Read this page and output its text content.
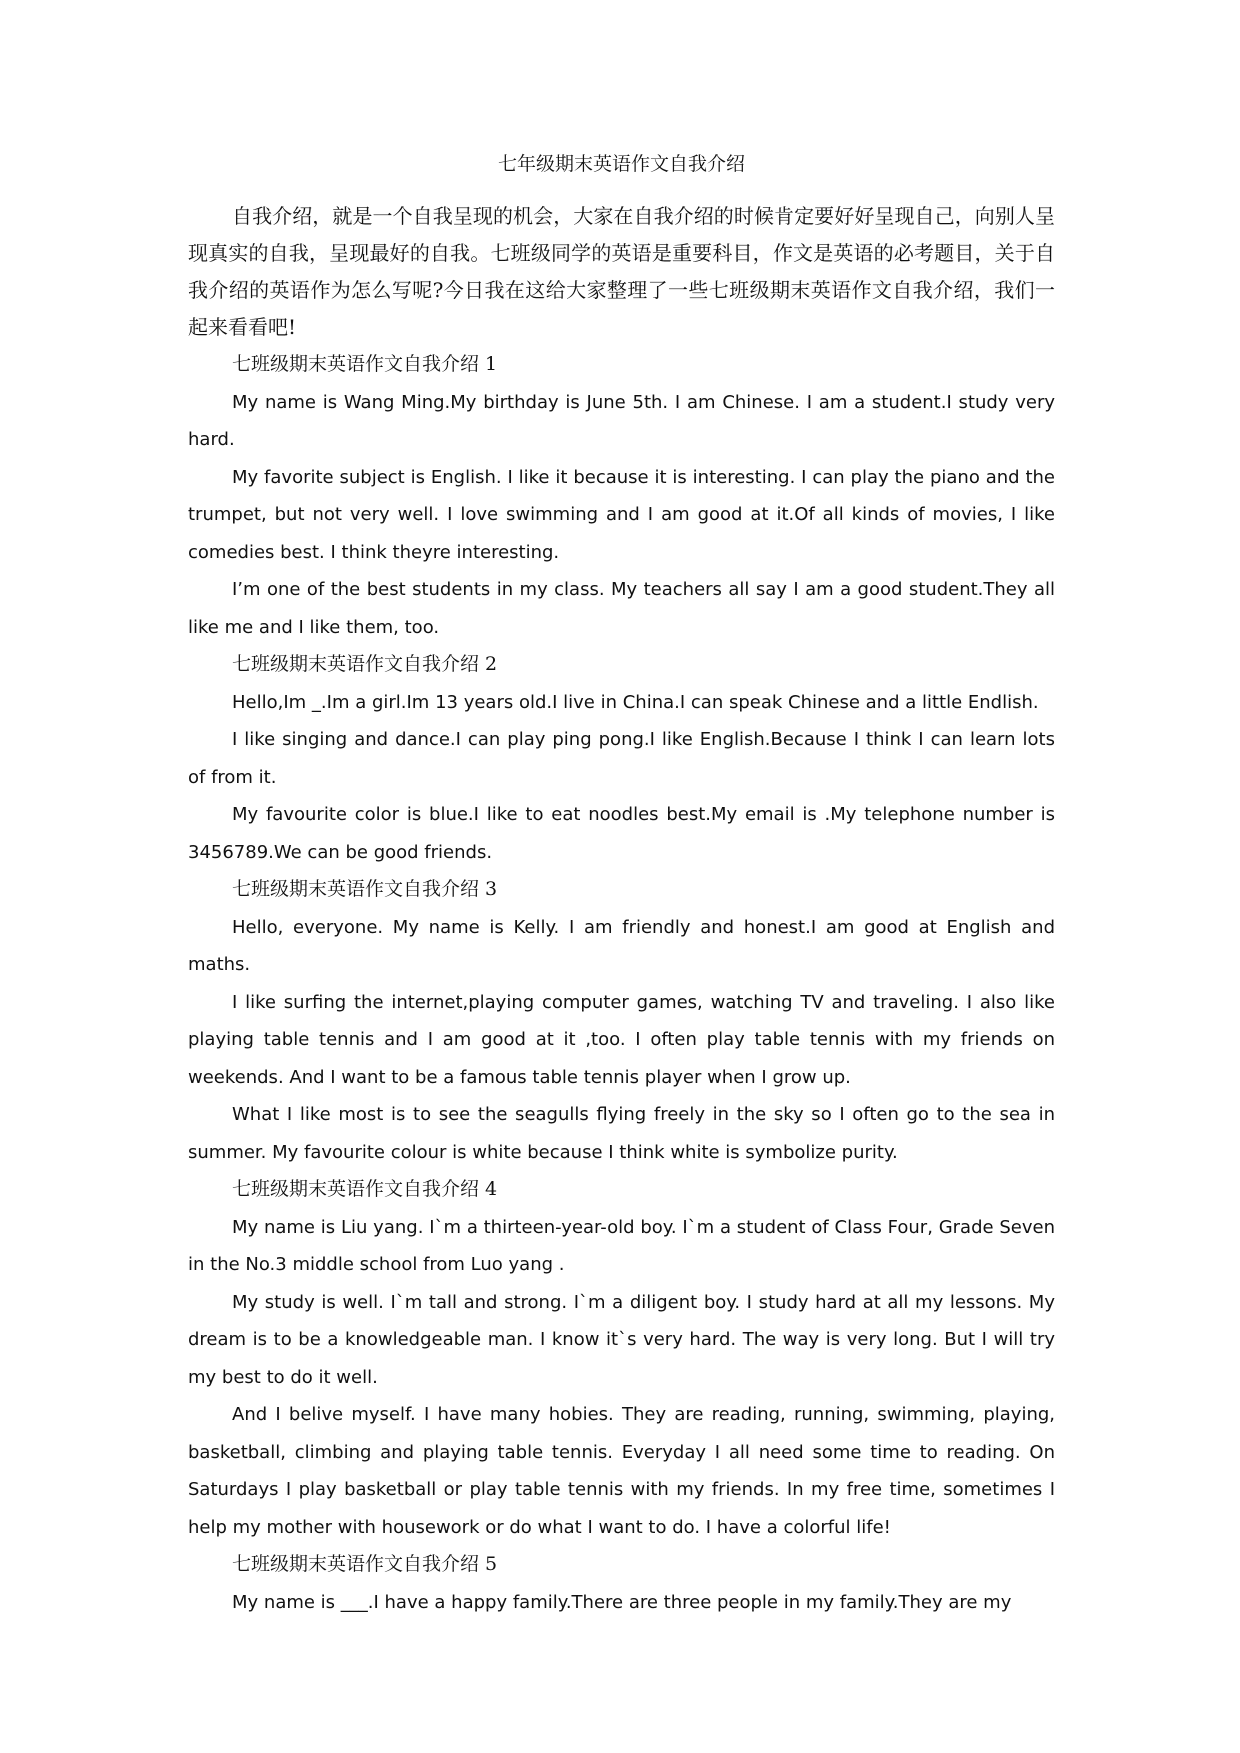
七年级期末英语作文自我介绍

自我介绍，就是一个自我呈现的机会，大家在自我介绍的时候肯定要好好呈现自己，向别人呈现真实的自我，呈现最好的自我。七班级同学的英语是重要科目，作文是英语的必考题目，关于自我介绍的英语作为怎么写呢?今日我在这给大家整理了一些七班级期末英语作文自我介绍，我们一起来看看吧!

七班级期末英语作文自我介绍 1

My name is Wang Ming.My birthday is June 5th. I am Chinese. I am a student.I study very hard.

My favorite subject is English. I like it because it is interesting. I can play the piano and the trumpet, but not very well. I love swimming and I am good at it.Of all kinds of movies, I like comedies best. I think theyre interesting.

I’m one of the best students in my class. My teachers all say I am a good student.They all like me and I like them, too.

七班级期末英语作文自我介绍 2

Hello,Im _.Im a girl.Im 13 years old.I live in China.I can speak Chinese and a little Endlish.

I like singing and dance.I can play ping pong.I like English.Because I think I can learn lots of from it.

My favourite color is blue.I like to eat noodles best.My email is .My telephone number is 3456789.We can be good friends.

七班级期末英语作文自我介绍 3

Hello, everyone. My name is Kelly. I am friendly and honest.I am good at English and maths.

I like surfing the internet,playing computer games, watching TV and traveling. I also like playing table tennis and I am good at it ,too. I often play table tennis with my friends on weekends. And I want to be a famous table tennis player when I grow up.

What I like most is to see the seagulls flying freely in the sky so I often go to the sea in summer. My favourite colour is white because I think white is symbolize purity.

七班级期末英语作文自我介绍 4

My name is Liu yang. I`m a thirteen-year-old boy. I`m a student of Class Four, Grade Seven in the No.3 middle school from Luo yang .

My study is well. I`m tall and strong. I`m a diligent boy. I study hard at all my lessons. My dream is to be a knowledgeable man. I know it`s very hard. The way is very long. But I will try my best to do it well.

And I belive myself. I have many hobies. They are reading, running, swimming, playing, basketball, climbing and playing table tennis. Everyday I all need some time to reading. On Saturdays I play basketball or play table tennis with my friends. In my free time, sometimes I help my mother with housework or do what I want to do. I have a colorful life!

七班级期末英语作文自我介绍 5

My name is ___.I have a happy family.There are three people in my family.They are my
